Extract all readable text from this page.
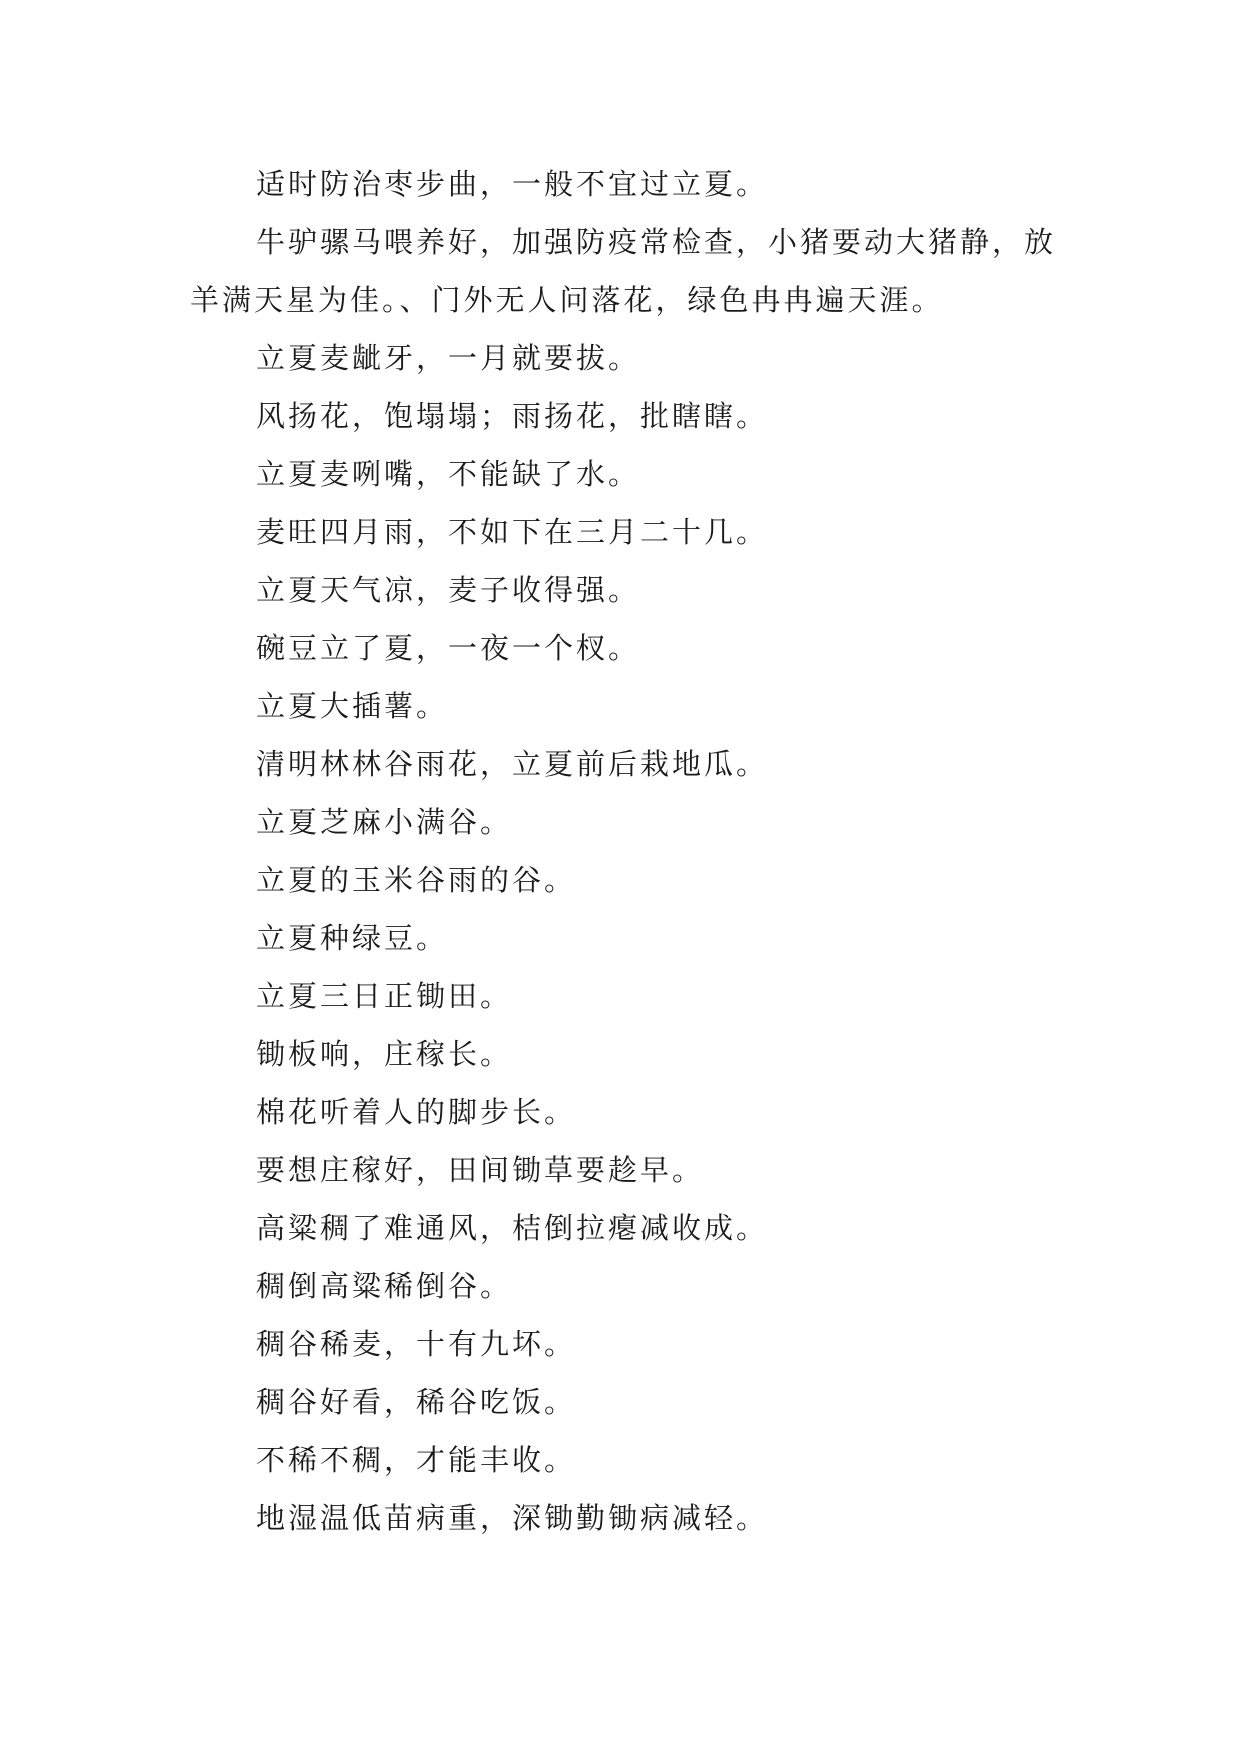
适时防治枣步曲，一般不宜过立夏。

牛驴骡马喂养好，加强防疫常检查，小猪要动大猪静，放羊满天星为佳。、门外无人问落花，绿色冉冉遍天涯。

立夏麦龇牙，一月就要拔。

风扬花，饱塌塌；雨扬花，批瞎瞎。

立夏麦咧嘴，不能缺了水。

麦旺四月雨，不如下在三月二十几。

立夏天气凉，麦子收得强。

碗豆立了夏，一夜一个杈。

立夏大插薯。

清明林林谷雨花，立夏前后栽地瓜。

立夏芝麻小满谷。

立夏的玉米谷雨的谷。

立夏种绿豆。

立夏三日正锄田。

锄板响，庄稼长。

棉花听着人的脚步长。

要想庄稼好，田间锄草要趁早。

高粱稠了难通风，桔倒拉瘪减收成。

稠倒高粱稀倒谷。

稠谷稀麦，十有九坏。

稠谷好看，稀谷吃饭。

不稀不稠，才能丰收。

地湿温低苗病重，深锄勤锄病减轻。
